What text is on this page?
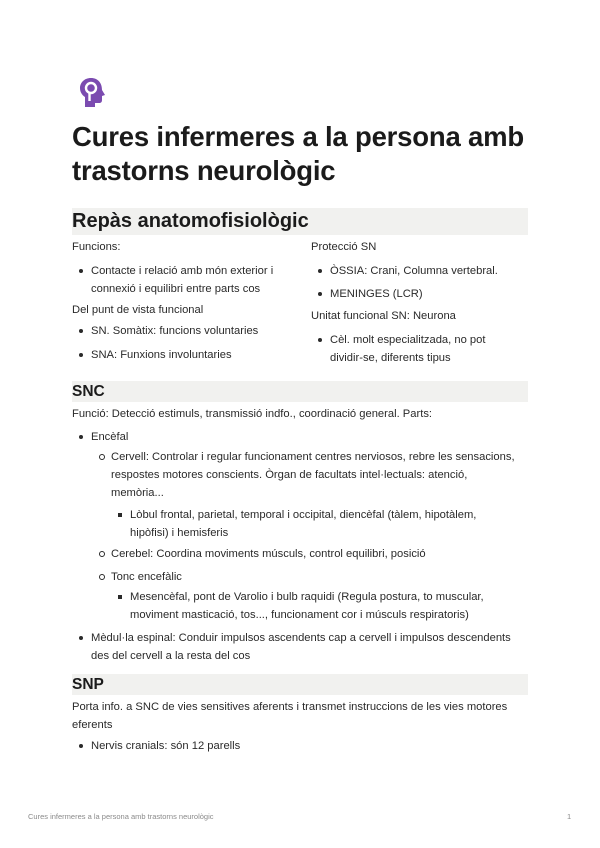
Cures infermeres a la persona amb trastorns neurològic
Repàs anatomofisiològic

Funcions:

Contacte i relació amb món exterior i connexió i equilibri entre parts cos

Del punt de vista funcional

SN. Somàtix: funcions voluntaries
SNA: Funxions involuntaries

Protecció SN

ÒSSIA: Crani, Columna vertebral.
MENINGES (LCR)

Unitat funcional SN: Neurona

Cèl. molt especialitzada, no pot dividir-se, diferents tipus
SNC

Funció: Detecció estimuls, transmissió indfo., coordinació general. Parts:

Encèfal
Cervell: Controlar i regular funcionament centres nerviosos, rebre les sensacions, respostes motores conscients. Òrgan de facultats intel·lectuals: atenció, memòria...
Lòbul frontal, parietal, temporal i occipital, diencèfal (tàlem, hipotàlem, hipòfisi) i hemisferis
Cerebel: Coordina moviments músculs, control equilibri, posició
Tonc encefàlic
Mesencèfal, pont de Varolio i bulb raquidi (Regula postura, to muscular, moviment masticació, tos..., funcionament cor i músculs respiratoris)
Mèdul·la espinal: Conduir impulsos ascendents cap a cervell i impulsos descendents des del cervell a la resta del cos
SNP

Porta info. a SNC de vies sensitives aferents i transmet instruccions de les vies motores eferents

Nervis cranials: són 12 parells
Cures infermeres a la persona amb trastorns neurològic	1
